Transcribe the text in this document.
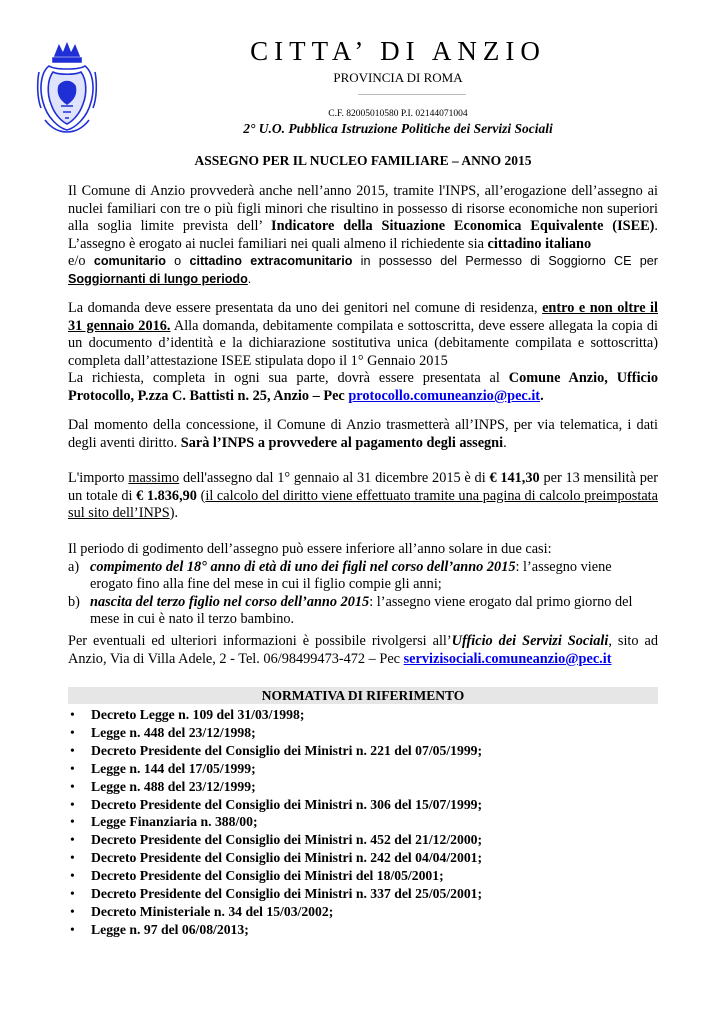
CITTA’ DI ANZIO
PROVINCIA DI ROMA
C.F. 82005010580 P.I. 02144071004
2° U.O. Pubblica Istruzione Politiche dei Servizi Sociali
ASSEGNO PER IL NUCLEO FAMILIARE – ANNO 2015
Il Comune di Anzio provvederà anche nell’anno 2015, tramite l'INPS, all’erogazione dell’assegno ai nuclei familiari con tre o più figli minori che risultino in possesso di risorse economiche non superiori alla soglia limite prevista dell’ Indicatore della Situazione Economica Equivalente (ISEE). L’assegno è erogato ai nuclei familiari nei quali almeno il richiedente sia cittadino italiano
e/o comunitario o cittadino extracomunitario in possesso del Permesso di Soggiorno CE per Soggiornanti di lungo periodo.
La domanda deve essere presentata da uno dei genitori nel comune di residenza, entro e non oltre il 31 gennaio 2016. Alla domanda, debitamente compilata e sottoscritta, deve essere allegata la copia di un documento d’identità e la dichiarazione sostitutiva unica (debitamente compilata e sottoscritta) completa dall’attestazione ISEE stipulata dopo il 1° Gennaio 2015
La richiesta, completa in ogni sua parte, dovrà essere presentata al Comune Anzio, Ufficio Protocollo, P.zza C. Battisti n. 25, Anzio – Pec protocollo.comuneanzio@pec.it.
Dal momento della concessione, il Comune di Anzio trasmetterà all’INPS, per via telematica, i dati degli aventi diritto. Sarà l’INPS a provvedere al pagamento degli assegni.
L'importo massimo dell'assegno dal 1° gennaio al 31 dicembre 2015 è di € 141,30 per 13 mensilità per un totale di € 1.836,90 (il calcolo del diritto viene effettuato tramite una pagina di calcolo preimpostata sul sito dell’INPS).
Il periodo di godimento dell’assegno può essere inferiore all’anno solare in due casi:
a) compimento del 18° anno di età di uno dei figli nel corso dell’anno 2015: l’assegno viene erogato fino alla fine del mese in cui il figlio compie gli anni;
b) nascita del terzo figlio nel corso dell’anno 2015: l’assegno viene erogato dal primo giorno del mese in cui è nato il terzo bambino.
Per eventuali ed ulteriori informazioni è possibile rivolgersi all’Ufficio dei Servizi Sociali, sito ad Anzio, Via di Villa Adele, 2 - Tel. 06/98499473-472 – Pec servizisociali.comuneanzio@pec.it
NORMATIVA DI RIFERIMENTO
• Decreto Legge n. 109 del 31/03/1998;
• Legge n. 448 del 23/12/1998;
• Decreto Presidente del Consiglio dei Ministri n. 221 del 07/05/1999;
• Legge n. 144 del 17/05/1999;
• Legge n. 488 del 23/12/1999;
• Decreto Presidente del Consiglio dei Ministri n. 306 del 15/07/1999;
• Legge Finanziaria n. 388/00;
• Decreto Presidente del Consiglio dei Ministri n. 452 del 21/12/2000;
• Decreto Presidente del Consiglio dei Ministri n. 242 del 04/04/2001;
• Decreto Presidente del Consiglio dei Ministri del 18/05/2001;
• Decreto Presidente del Consiglio dei Ministri n. 337 del 25/05/2001;
• Decreto Ministeriale n. 34 del 15/03/2002;
• Legge n. 97 del 06/08/2013;
